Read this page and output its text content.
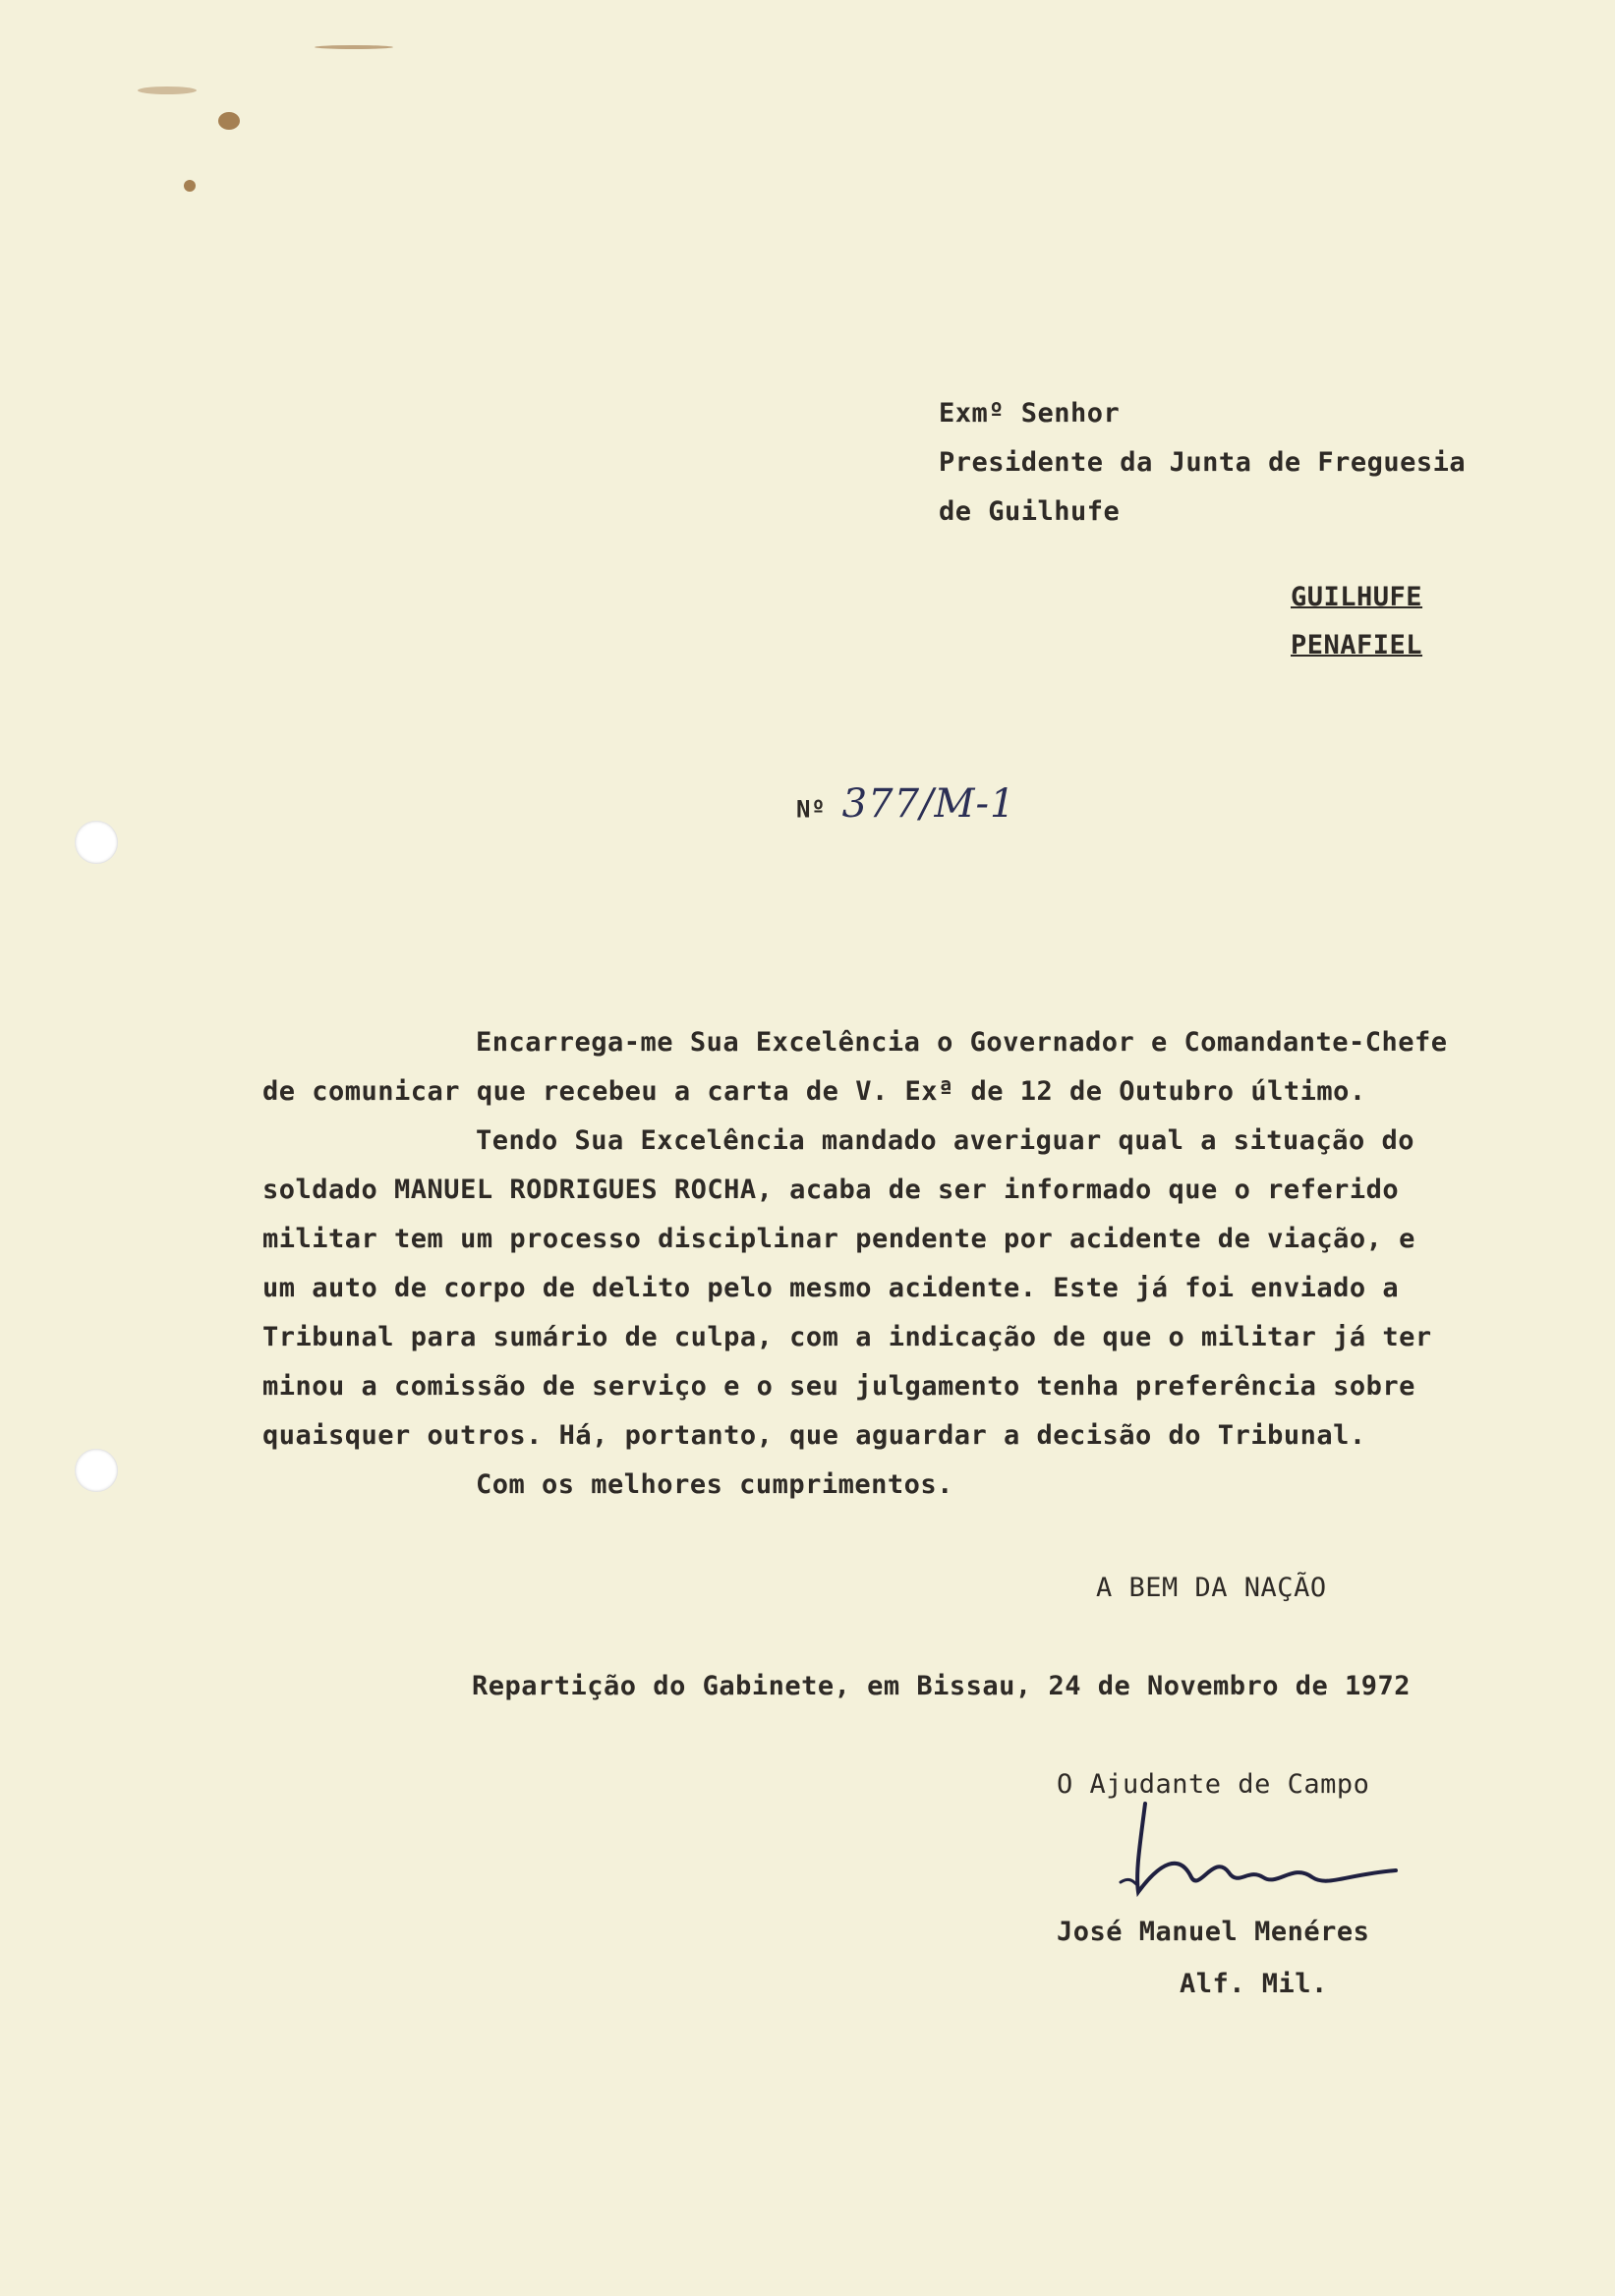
Exmº Senhor
Presidente da Junta de Freguesia
de Guilhufe
GUILHUFE
PENAFIEL
Nº 377/M-1
Encarrega-me Sua Excelência o Governador e Comandante-Chefe
de comunicar que recebeu a carta de V. Exª de 12 de Outubro último.
Tendo Sua Excelência mandado averiguar qual a situação do
soldado MANUEL RODRIGUES ROCHA, acaba de ser informado que o referido
militar tem um processo disciplinar pendente por acidente de viação, e
um auto de corpo de delito pelo mesmo acidente. Este já foi enviado a
Tribunal para sumário de culpa, com a indicação de que o militar já ter
minou a comissão de serviço e o seu julgamento tenha preferência sobre
quaisquer outros. Há, portanto, que aguardar a decisão do Tribunal.
Com os melhores cumprimentos.
A BEM DA NAÇÃO
Repartição do Gabinete, em Bissau, 24 de Novembro de 1972
O Ajudante de Campo
José Manuel Menéres
Alf. Mil.
